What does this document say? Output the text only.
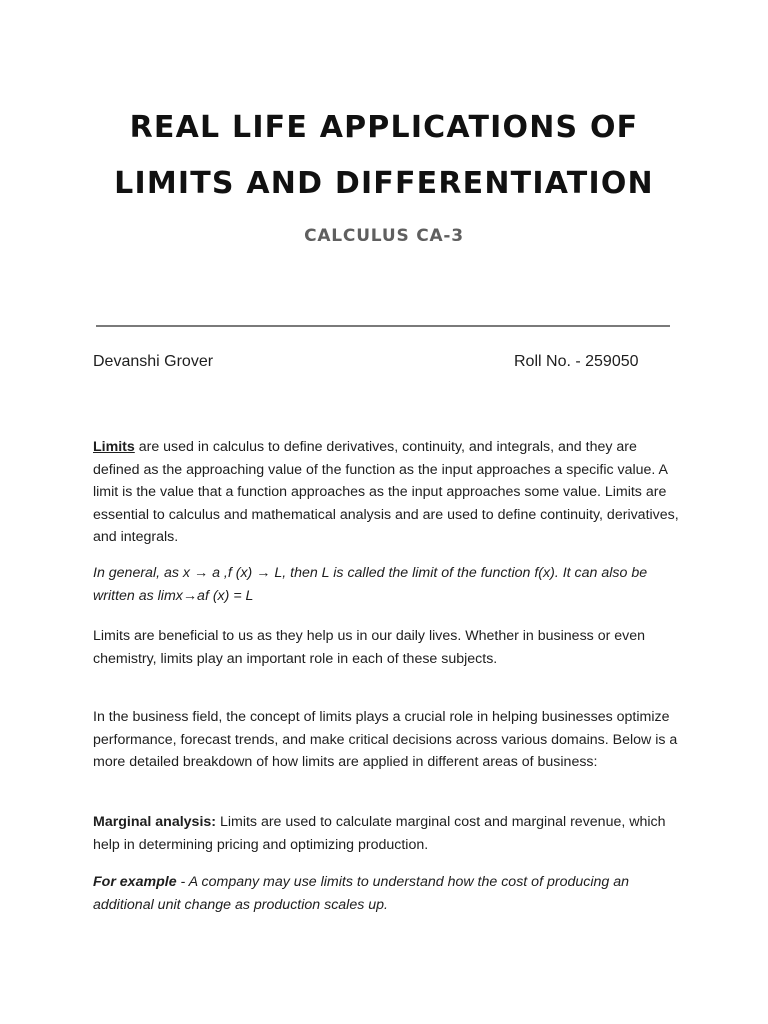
REAL LIFE APPLICATIONS OF
LIMITS AND DIFFERENTIATION
CALCULUS CA-3
Devanshi Grover	Roll No. - 259050
Limits are used in calculus to define derivatives, continuity, and integrals, and they are defined as the approaching value of the function as the input approaches a specific value. A limit is the value that a function approaches as the input approaches some value. Limits are essential to calculus and mathematical analysis and are used to define continuity, derivatives, and integrals.
In general, as x → a ,f (x) → L, then L is called the limit of the function f(x). It can also be written as limx→af (x) = L
Limits are beneficial to us as they help us in our daily lives. Whether in business or even chemistry, limits play an important role in each of these subjects.
In the business field, the concept of limits plays a crucial role in helping businesses optimize performance, forecast trends, and make critical decisions across various domains. Below is a more detailed breakdown of how limits are applied in different areas of business:
Marginal analysis: Limits are used to calculate marginal cost and marginal revenue, which help in determining pricing and optimizing production.
For example - A company may use limits to understand how the cost of producing an additional unit change as production scales up.
